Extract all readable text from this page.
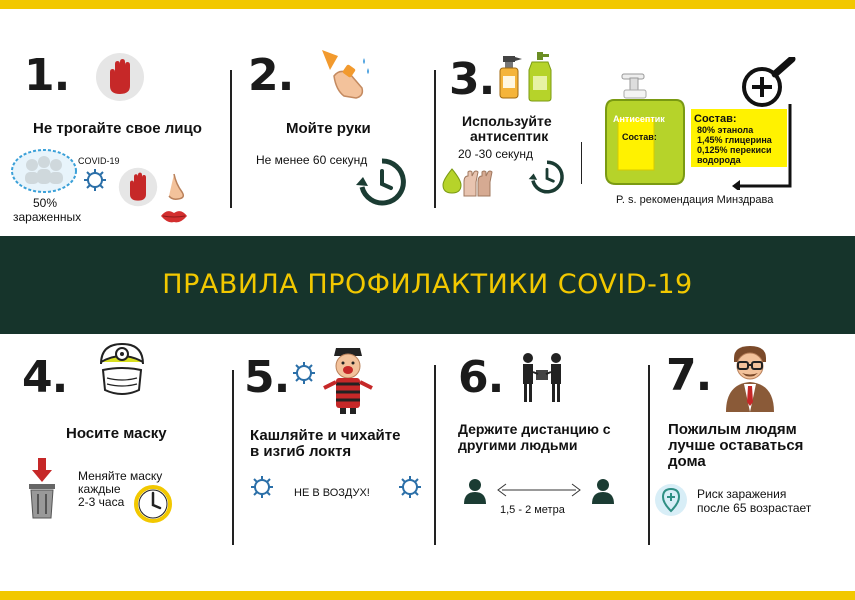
1.
Не трогайте свое лицо
50%
зараженных
COVID-19
2.
Мойте руки
Не менее 60 секунд
3.
Используйте
антисептик
20 -30 секунд
Антисептик
Состав:
Состав:
80% этанола
1,45% глицерина
0,125% перекиси
водорода
P. s. рекомендация Минздрава
ПРАВИЛА ПРОФИЛАКТИКИ COVID-19
4.
Носите маску
Меняйте маску
каждые
2-3 часа
5.
Кашляйте и чихайте
в изгиб локтя
НЕ В ВОЗДУХ!
6.
Держите дистанцию с
другими людьми
1,5 - 2 метра
7.
Пожилым людям
лучше оставаться
дома
Риск заражения
после 65 возрастает
